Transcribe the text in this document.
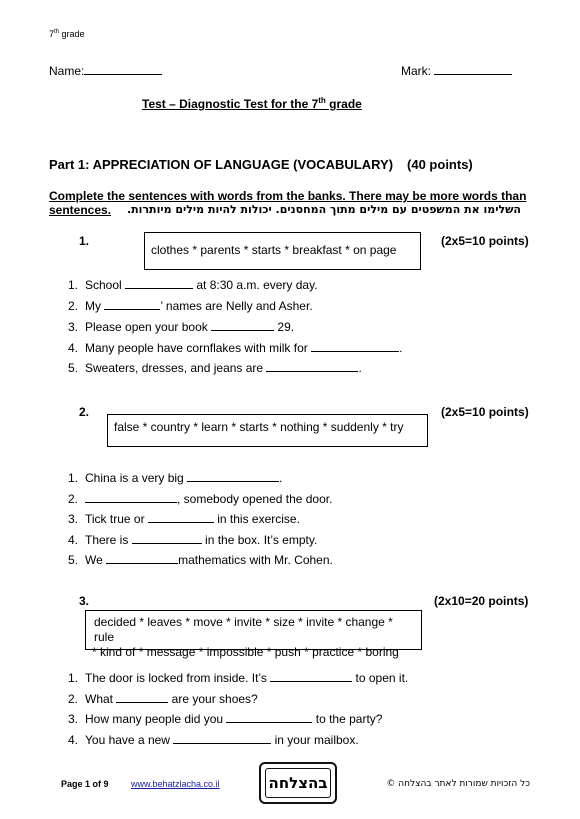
7th grade
Name:	Mark:
Test – Diagnostic Test for the 7th grade
Part 1: APPRECIATION OF LANGUAGE (VOCABULARY) (40 points)
Complete the sentences with words from the banks. There may be more words than
sentences. השלימו את המשפטים עם מילים מתוך המחסנים. יכולות להיות מילים מיותרות.
1.
clothes * parents * starts * breakfast * on page
(2x5=10 points)
1. School	at 8:30 a.m. every day.
2. My	’ names are Nelly and Asher.
3. Please open your book	29.
4. Many people have cornflakes with milk for	.
5. Sweaters, dresses, and jeans are	.
2.
false * country * learn * starts * nothing * suddenly * try
(2x5=10 points)
1. China is a very big	.
2.	, somebody opened the door.
3. Tick true or	in this exercise.
4. There is	in the box. It’s empty.
5. We	mathematics with Mr. Cohen.
3.
decided * leaves * move * invite * size * invite * change * rule
* kind of * message * impossible * push * practice * boring
(2x10=20 points)
1. The door is locked from inside. It’s	to open it.
2. What	are your shoes?
3. How many people did you	to the party?
4. You have a new	in your mailbox.
Page 1 of 9 www.behatzlacha.co.il	בהצלחה	כל הזכויות שמורות לאתר בהצלחה ©
